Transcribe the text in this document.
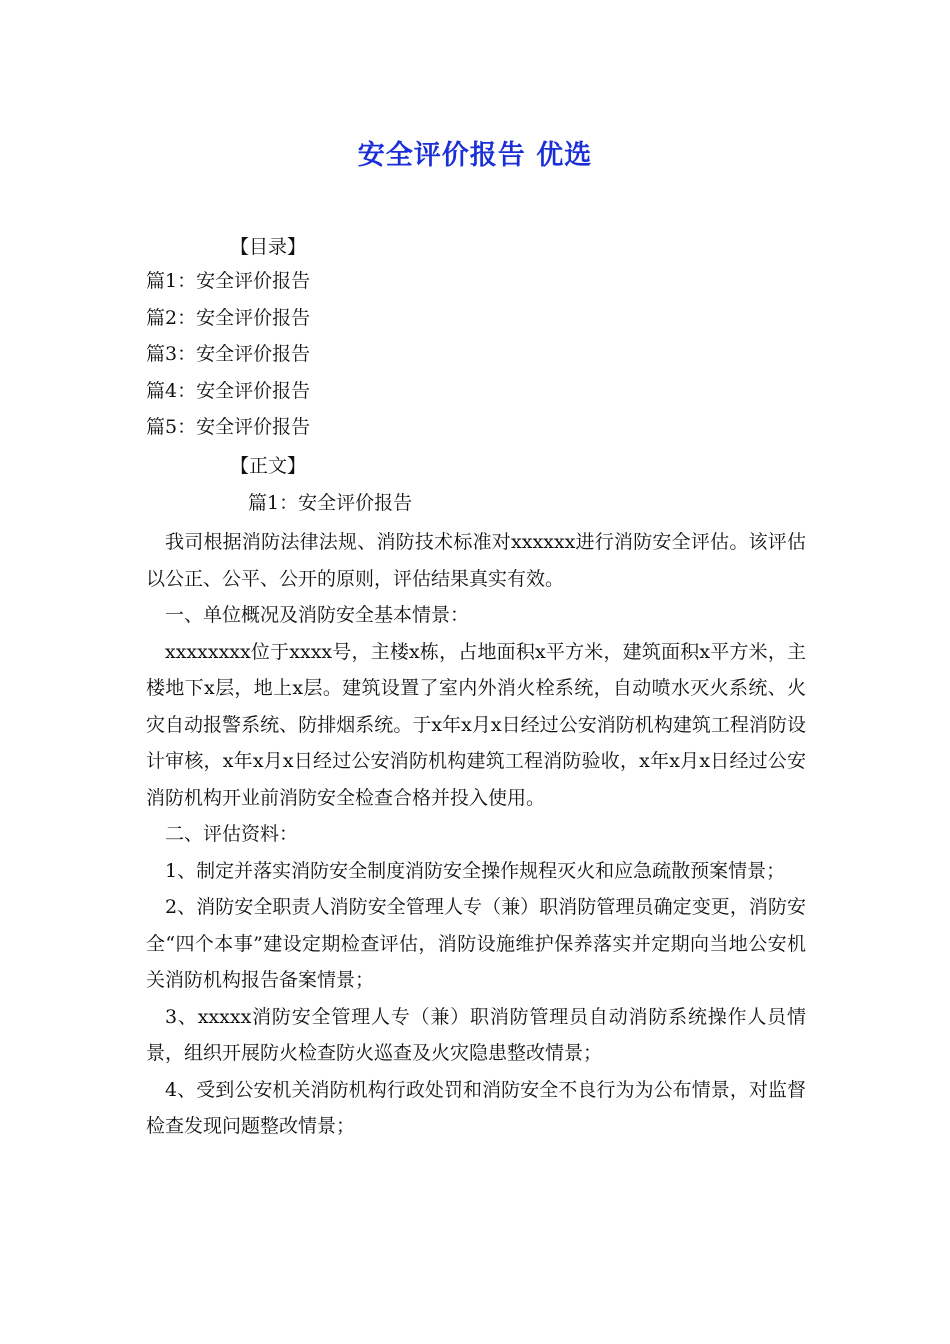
安全评价报告 优选
【目录】
篇1：安全评价报告
篇2：安全评价报告
篇3：安全评价报告
篇4：安全评价报告
篇5：安全评价报告
【正文】
篇1：安全评价报告

我司根据消防法律法规、消防技术标准对xxxxxx进行消防安全评估。该评估以公正、公平、公开的原则，评估结果真实有效。

一、单位概况及消防安全基本情景：

xxxxxxxx位于xxxx号，主楼x栋，占地面积x平方米，建筑面积x平方米，主楼地下x层，地上x层。建筑设置了室内外消火栓系统，自动喷水灭火系统、火灾自动报警系统、防排烟系统。于x年x月x日经过公安消防机构建筑工程消防设计审核，x年x月x日经过公安消防机构建筑工程消防验收，x年x月x日经过公安消防机构开业前消防安全检查合格并投入使用。

二、评估资料：

1、制定并落实消防安全制度消防安全操作规程灭火和应急疏散预案情景；

2、消防安全职责人消防安全管理人专（兼）职消防管理员确定变更，消防安全“四个本事”建设定期检查评估，消防设施维护保养落实并定期向当地公安机关消防机构报告备案情景；

3、xxxxx消防安全管理人专（兼）职消防管理员自动消防系统操作人员情景，组织开展防火检查防火巡查及火灾隐患整改情景；

4、受到公安机关消防机构行政处罚和消防安全不良行为为公布情景，对监督检查发现问题整改情景；
